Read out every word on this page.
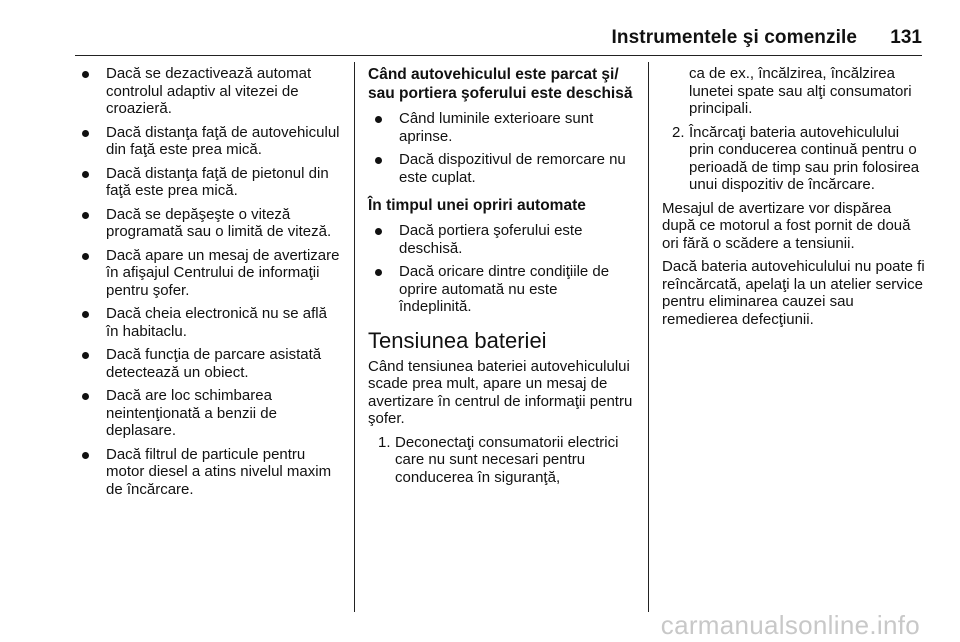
Instrumentele şi comenzile 131
Dacă se dezactivează automat controlul adaptiv al vitezei de croazieră.
Dacă distanţa faţă de autovehiculul din faţă este prea mică.
Dacă distanţa faţă de pietonul din faţă este prea mică.
Dacă se depăşeşte o viteză programată sau o limită de viteză.
Dacă apare un mesaj de avertizare în afişajul Centrului de informaţii pentru şofer.
Dacă cheia electronică nu se află în habitaclu.
Dacă funcţia de parcare asistată detectează un obiect.
Dacă are loc schimbarea neintenţionată a benzii de deplasare.
Dacă filtrul de particule pentru motor diesel a atins nivelul maxim de încărcare.
Când autovehiculul este parcat şi/ sau portiera şoferului este deschisă
Când luminile exterioare sunt aprinse.
Dacă dispozitivul de remorcare nu este cuplat.
În timpul unei opriri automate
Dacă portiera şoferului este deschisă.
Dacă oricare dintre condiţiile de oprire automată nu este îndeplinită.
Tensiunea bateriei

Când tensiunea bateriei autovehiculului scade prea mult, apare un mesaj de avertizare în centrul de informaţii pentru şofer.

1. Deconectaţi consumatorii electrici care nu sunt necesari pentru conducerea în siguranţă,
ca de ex., încălzirea, încălzirea lunetei spate sau alţi consumatori principali.
2. Încărcaţi bateria autovehiculului prin conducerea continuă pentru o perioadă de timp sau prin folosirea unui dispozitiv de încărcare.

Mesajul de avertizare vor dispărea după ce motorul a fost pornit de două ori fără o scădere a tensiunii.

Dacă bateria autovehiculului nu poate fi reîncărcată, apelaţi la un atelier service pentru eliminarea cauzei sau remedierea defecţiunii.

carmanualsonline.info
